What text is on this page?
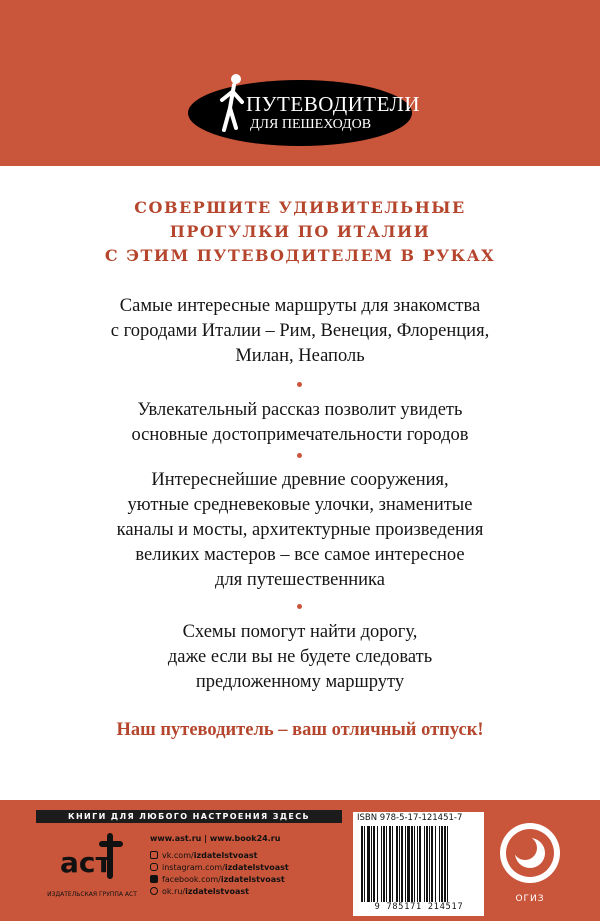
ПУТЕВОДИТЕЛИ
ДЛЯ ПЕШЕХОДОВ
СОВЕРШИТЕ УДИВИТЕЛЬНЫЕ
ПРОГУЛКИ ПО ИТАЛИИ
С ЭТИМ ПУТЕВОДИТЕЛЕМ В РУКАХ
Самые интересные маршруты для знакомства
с городами Италии – Рим, Венеция, Флоренция,
Милан, Неаполь
Увлекательный рассказ позволит увидеть
основные достопримечательности городов
Интереснейшие древние сооружения,
уютные средневековые улочки, знаменитые
каналы и мосты, архитектурные произведения
великих мастеров – все самое интересное
для путешественника
Схемы помогут найти дорогу,
даже если вы не будете следовать
предложенному маршруту
Наш путеводитель – ваш отличный отпуск!
КНИГИ ДЛЯ ЛЮБОГО НАСТРОЕНИЯ ЗДЕСЬ
аст
ИЗДАТЕЛЬСКАЯ ГРУППА АСТ
www.ast.ru | www.book24.ru
vk.com/ izdatelstvoast
instagram.com/ izdatelstvoast
facebook.com/ izdatelstvoast
ok.ru/ izdatelstvoast
ISBN 978-5-17-121451-7
9 785171 214517
ОГИЗ
